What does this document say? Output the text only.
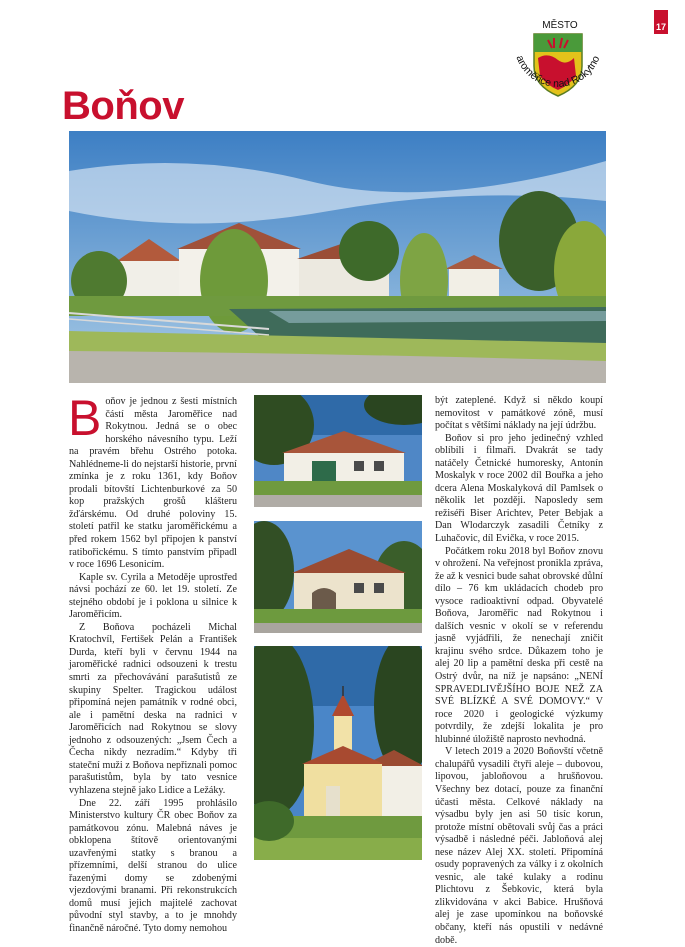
17
MĚSTO
aroměřice nad Rokytno
Boňov
B oňov je jednou z šesti místních částí města Jaroměřice nad Rokytnou. Jedná se o obec horského návesního typu. Leží na pravém břehu Ostrého potoka. Nahlédneme-li do nejstarší historie, první zmínka je z roku 1361, kdy Boňov prodali bítovští Lichtenburkové za 50 kop pražských grošů klášteru žďárskému. Od druhé poloviny 15. století patřil ke statku jaroměřickému a před rokem 1562 byl připojen k panství ratibořickému. S tímto panstvím připadl v roce 1696 Lesonicím.

Kaple sv. Cyrila a Metoděje uprostřed návsi pochází ze 60. let 19. století. Ze stejného období je i poklona u silnice k Jaroměřicím.

Z Boňova pocházeli Michal Kratochvíl, Fertišek Pelán a František Durda, kteří byli v červnu 1944 na jaroměřické radnici odsouzeni k trestu smrti za přechovávání parašutistů ze skupiny Spelter. Tragickou událost připomíná nejen památník v rodné obci, ale i pamětní deska na radnici v Jaroměřicích nad Rokytnou se slovy jednoho z odsouzených: „Jsem Čech a Čecha nikdy nezradím.“ Kdyby tři stateční muži z Boňova nepřiznali pomoc parašutistům, byla by tato vesnice vyhlazena stejně jako Lidice a Ležáky.

Dne 22. září 1995 prohlásilo Ministerstvo kultury ČR obec Boňov za památkovou zónu. Malebná náves je obklopena štítově orientovanými uzavřenými statky s branou a přízemními, delší stranou do ulice řazenými domy se zdobenými vjezdovými branami. Při rekonstrukcích domů musí jejich majitelé zachovat původní styl stavby, a to je mnohdy finančně náročné. Tyto domy nemohou

být zateplené. Když si někdo koupí nemovitost v památkové zóně, musí počítat s většími náklady na její údržbu.

Boňov si pro jeho jedinečný vzhled oblíbili i filmaři. Dvakrát se tady natáčely Četnické humoresky, Antonín Moskalyk v roce 2002 díl Bouřka a jeho dcera Alena Moskalyková díl Pamlsek o několik let později. Naposledy sem režiséři Biser Arichtev, Peter Bebjak a Dan Wlodarczyk zasadili Četníky z Luhačovic, díl Evička, v roce 2015.

Počátkem roku 2018 byl Boňov znovu v ohrožení. Na veřejnost pronikla zpráva, že až k vesnici bude sahat obrovské důlní dílo – 76 km ukládacích chodeb pro vysoce radioaktivní odpad. Obyvatelé Boňova, Jaroměřic nad Rokytnou i dalších vesnic v okolí se v referendu jasně vyjádřili, že nenechají zničit krajinu svého srdce. Důkazem toho je alej 20 lip a pamětní deska při cestě na Ostrý dvůr, na níž je napsáno: „NENÍ SPRAVEDLIVĚJŠÍHO BOJE NEŽ ZA SVÉ BLÍZKÉ A SVÉ DOMOVY.“ V roce 2020 i geologické výzkumy potvrdily, že zdejší lokalita je pro hlubinné úložiště naprosto nevhodná.

V letech 2019 a 2020 Boňovští včetně chalupářů vysadili čtyři aleje – dubovou, lipovou, jabloňovou a hrušňovou. Všechny bez dotací, pouze za finanční účasti města. Celkové náklady na výsadbu byly jen asi 50 tisíc korun, protože místní obětovali svůj čas a práci výsadbě i následné péči. Jabloňová alej nese název Alej XX. století. Připomíná osudy popravených za války i z okolních vesnic, ale také kulaky a rodinu Plichtovu z Šebkovic, která byla zlikvidována v akci Babice. Hrušňová alej je zase upomínkou na boňovské občany, kteří nás opustili v nedávné době.
